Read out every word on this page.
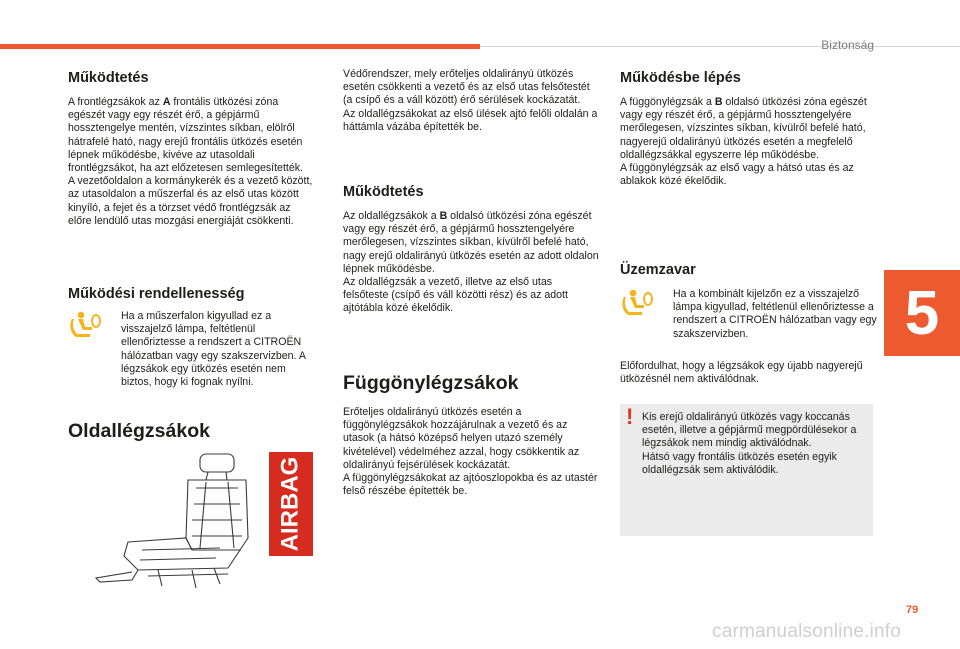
Biztonság
5
Működtetés

A frontlégzsákok az A frontális ütközési zóna egészét vagy egy részét érő, a gépjármű hossztengelye mentén, vízszintes síkban, elölről hátrafelé ható, nagy erejű frontális ütközés esetén lépnek működésbe, kivéve az utasoldali frontlégzsákot, ha azt előzetesen semlegesítették.

A vezetőoldalon a kormánykerék és a vezető között, az utasoldalon a műszerfal és az első utas között kinyíló, a fejet és a törzset védő frontlégzsák az előre lendülő utas mozgási energiáját csökkenti.

Működési rendellenesség

Ha a műszerfalon kigyullad ez a visszajelző lámpa, feltétlenül ellenőriztesse a rendszert a CITROËN hálózatban vagy egy szakszervizben. A légzsákok egy ütközés esetén nem biztos, hogy ki fognak nyílni.

Oldallégzsákok
AIRBAG

Védőrendszer, mely erőteljes oldalirányú ütközés esetén csökkenti a vezető és az első utas felsőtestét (a csípő és a váll között) érő sérülések kockázatát.

Az oldallégzsákokat az első ülések ajtó felőli oldalán a háttámla vázába építették be.

Működtetés

Az oldallégzsákok a B oldalsó ütközési zóna egészét vagy egy részét érő, a gépjármű hossztengelyére merőlegesen, vízszintes síkban, kívülről befelé ható, nagy erejű oldalirányú ütközés esetén az adott oldalon lépnek működésbe.

Az oldallégzsák a vezető, illetve az első utas felsőteste (csípő és váll közötti rész) és az adott ajtótábla közé ékelődik.

Függönylégzsákok

Erőteljes oldalirányú ütközés esetén a függönylégzsákok hozzájárulnak a vezető és az utasok (a hátsó középső helyen utazó személy kivételével) védelméhez azzal, hogy csökkentik az oldalirányú fejsérülések kockázatát.

A függönylégzsákokat az ajtóoszlopokba és az utastér felső részébe építették be.

Működésbe lépés

A függönylégzsák a B oldalsó ütközési zóna egészét vagy egy részét érő, a gépjármű hossztengelyére merőlegesen, vízszintes síkban, kívülről befelé ható, nagyerejű oldalirányú ütközés esetén a megfelelő oldallégzsákkal egyszerre lép működésbe.

A függönylégzsák az első vagy a hátsó utas és az ablakok közé ékelődik.

Üzemzavar

Ha a kombinált kijelzőn ez a visszajelző lámpa kigyullad, feltétlenül ellenőriztesse a rendszert a CITROËN hálózatban vagy egy szakszervizben.

Előfordulhat, hogy a légzsákok egy újabb nagyerejű ütközésnél nem aktiválódnak.

! Kis erejű oldalirányú ütközés vagy koccanás esetén, illetve a gépjármű megpördülésekor a légzsákok nem mindig aktiválódnak.
Hátsó vagy frontális ütközés esetén egyik oldallégzsák sem aktiválódik.

79
carmanualsonline.info
